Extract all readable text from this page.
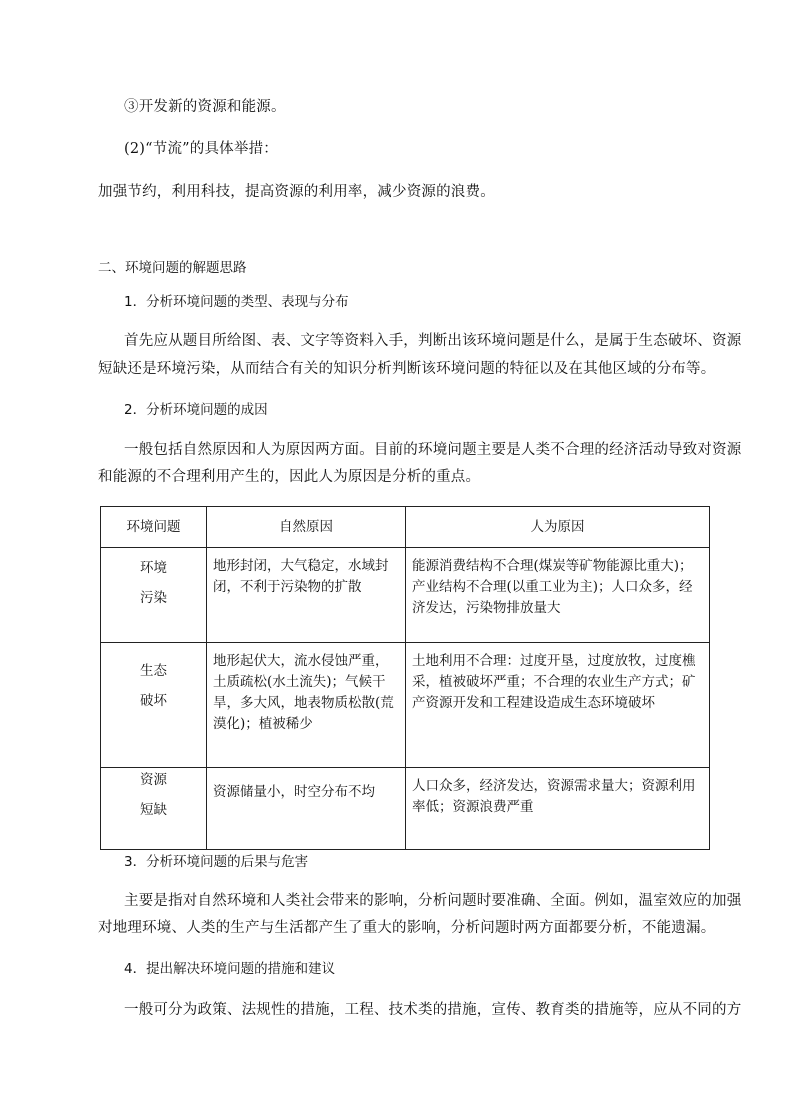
③开发新的资源和能源。
(2)“节流”的具体举措：
加强节约，利用科技，提高资源的利用率，减少资源的浪费。
二、环境问题的解题思路
1．分析环境问题的类型、表现与分布
首先应从题目所给图、表、文字等资料入手，判断出该环境问题是什么，是属于生态破坏、资源
短缺还是环境污染，从而结合有关的知识分析判断该环境问题的特征以及在其他区域的分布等。
2．分析环境问题的成因
一般包括自然原因和人为原因两方面。目前的环境问题主要是人类不合理的经济活动导致对资源
和能源的不合理利用产生的，因此人为原因是分析的重点。
环境问题	自然原因	人为原因

环境
污染	地形封闭，大气稳定，水域封闭，不利于污染物的扩散	能源消费结构不合理(煤炭等矿物能源比重大)；产业结构不合理(以重工业为主)；人口众多，经济发达，污染物排放量大

生态
破坏	地形起伏大，流水侵蚀严重，土质疏松(水土流失)；气候干旱，多大风，地表物质松散(荒漠化)；植被稀少	土地利用不合理：过度开垦，过度放牧，过度樵采，植被破坏严重；不合理的农业生产方式；矿产资源开发和工程建设造成生态环境破坏

资源
短缺	资源储量小，时空分布不均	人口众多，经济发达，资源需求量大；资源利用率低；资源浪费严重
3．分析环境问题的后果与危害
主要是指对自然环境和人类社会带来的影响，分析问题时要准确、全面。例如，温室效应的加强
对地理环境、人类的生产与生活都产生了重大的影响，分析问题时两方面都要分析，不能遗漏。
4．提出解决环境问题的措施和建议
一般可分为政策、法规性的措施，工程、技术类的措施，宣传、教育类的措施等，应从不同的方
